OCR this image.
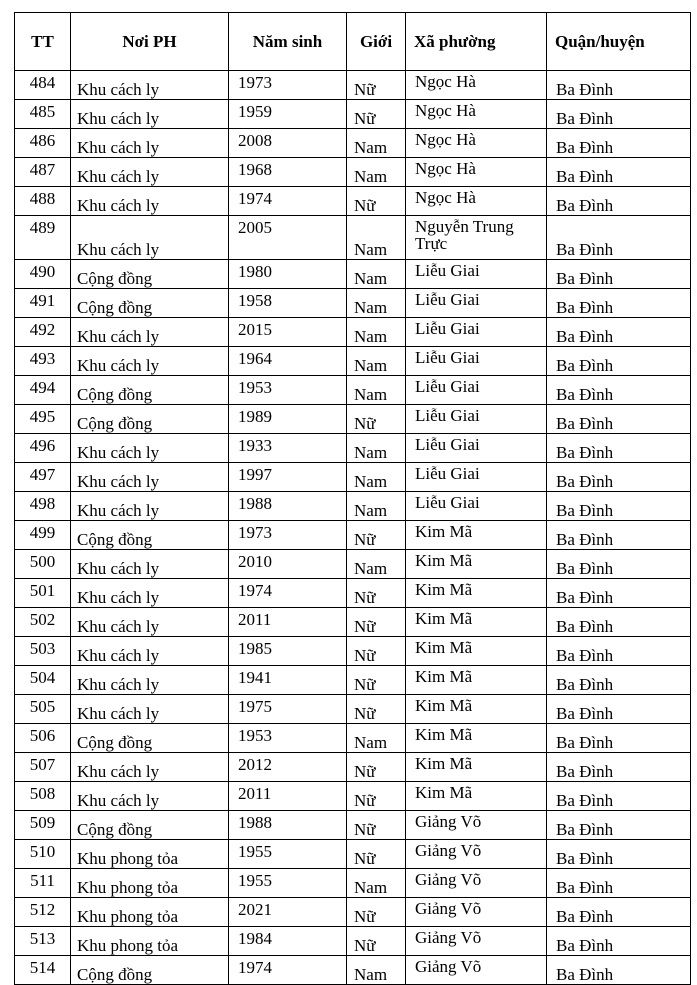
TT	Nơi PH	Năm sinh	Giới	Xã phường	Quận/huyện
484	Khu cách ly	1973	Nữ	Ngọc Hà	Ba Đình
485	Khu cách ly	1959	Nữ	Ngọc Hà	Ba Đình
486	Khu cách ly	2008	Nam	Ngọc Hà	Ba Đình
487	Khu cách ly	1968	Nam	Ngọc Hà	Ba Đình
488	Khu cách ly	1974	Nữ	Ngọc Hà	Ba Đình
489	Khu cách ly	2005	Nam	Nguyễn Trung Trực	Ba Đình
490	Cộng đồng	1980	Nam	Liễu Giai	Ba Đình
491	Cộng đồng	1958	Nam	Liễu Giai	Ba Đình
492	Khu cách ly	2015	Nam	Liễu Giai	Ba Đình
493	Khu cách ly	1964	Nam	Liễu Giai	Ba Đình
494	Cộng đồng	1953	Nam	Liễu Giai	Ba Đình
495	Cộng đồng	1989	Nữ	Liễu Giai	Ba Đình
496	Khu cách ly	1933	Nam	Liễu Giai	Ba Đình
497	Khu cách ly	1997	Nam	Liễu Giai	Ba Đình
498	Khu cách ly	1988	Nam	Liễu Giai	Ba Đình
499	Cộng đồng	1973	Nữ	Kim Mã	Ba Đình
500	Khu cách ly	2010	Nam	Kim Mã	Ba Đình
501	Khu cách ly	1974	Nữ	Kim Mã	Ba Đình
502	Khu cách ly	2011	Nữ	Kim Mã	Ba Đình
503	Khu cách ly	1985	Nữ	Kim Mã	Ba Đình
504	Khu cách ly	1941	Nữ	Kim Mã	Ba Đình
505	Khu cách ly	1975	Nữ	Kim Mã	Ba Đình
506	Cộng đồng	1953	Nam	Kim Mã	Ba Đình
507	Khu cách ly	2012	Nữ	Kim Mã	Ba Đình
508	Khu cách ly	2011	Nữ	Kim Mã	Ba Đình
509	Cộng đồng	1988	Nữ	Giảng Võ	Ba Đình
510	Khu phong tỏa	1955	Nữ	Giảng Võ	Ba Đình
511	Khu phong tỏa	1955	Nam	Giảng Võ	Ba Đình
512	Khu phong tỏa	2021	Nữ	Giảng Võ	Ba Đình
513	Khu phong tỏa	1984	Nữ	Giảng Võ	Ba Đình
514	Cộng đồng	1974	Nam	Giảng Võ	Ba Đình
